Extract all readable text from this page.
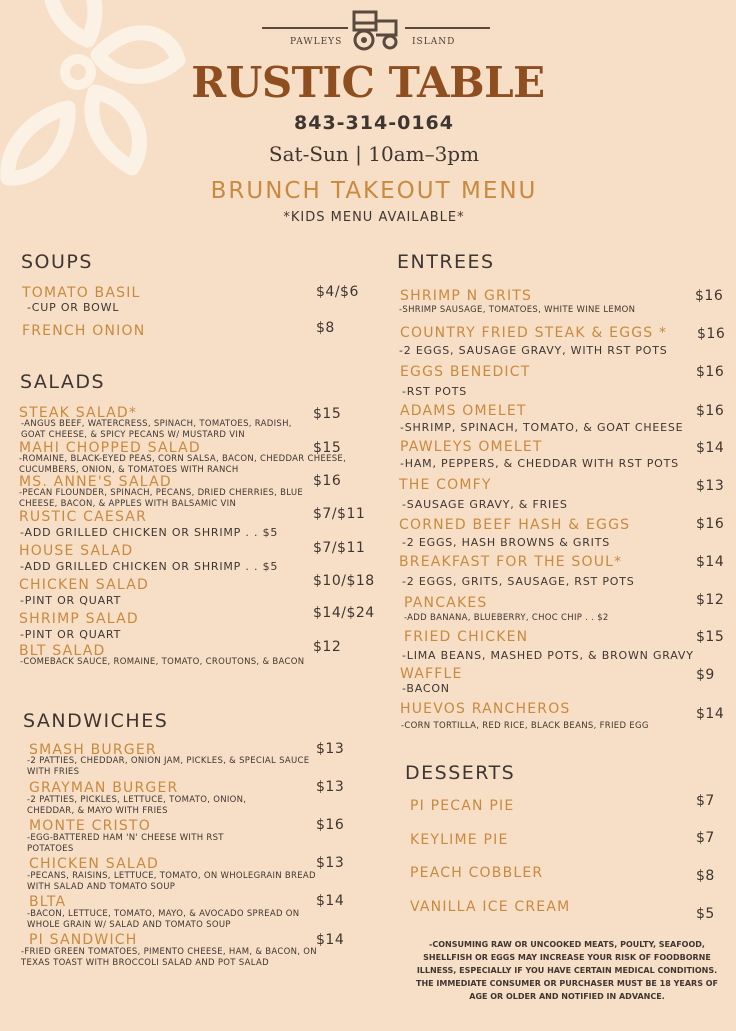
PAWLEYS	ISLAND
RUSTIC TABLE
843-314-0164
Sat-Sun | 10am–3pm
BRUNCH TAKEOUT MENU
*KIDS MENU AVAILABLE*
SOUPS
TOMATO BASIL	$4/$6
-CUP OR BOWL
FRENCH ONION	$8
SALADS
STEAK SALAD*	$15
-ANGUS BEEF, WATERCRESS, SPINACH, TOMATOES, RADISH, GOAT CHEESE, & SPICY PECANS W/ MUSTARD VIN
MAHI CHOPPED SALAD	$15
-ROMAINE, BLACK-EYED PEAS, CORN SALSA, BACON, CHEDDAR CHEESE, CUCUMBERS, ONION, & TOMATOES WITH RANCH
MS. ANNE'S SALAD	$16
-PECAN FLOUNDER, SPINACH, PECANS, DRIED CHERRIES, BLUE CHEESE, BACON, & APPLES WITH BALSAMIC VIN
RUSTIC CAESAR	$7/$11
-ADD GRILLED CHICKEN OR SHRIMP . . $5
HOUSE SALAD	$7/$11
-ADD GRILLED CHICKEN OR SHRIMP . . $5
CHICKEN SALAD	$10/$18
-PINT OR QUART
SHRIMP SALAD	$14/$24
-PINT OR QUART
BLT SALAD	$12
-COMEBACK SAUCE, ROMAINE, TOMATO, CROUTONS, & BACON
SANDWICHES
SMASH BURGER	$13
-2 PATTIES, CHEDDAR, ONION JAM, PICKLES, & SPECIAL SAUCE WITH FRIES
GRAYMAN BURGER	$13
-2 PATTIES, PICKLES, LETTUCE, TOMATO, ONION, CHEDDAR, & MAYO WITH FRIES
MONTE CRISTO	$16
-EGG-BATTERED HAM 'N' CHEESE WITH RST POTATOES
CHICKEN SALAD	$13
-PECANS, RAISINS, LETTUCE, TOMATO, ON WHOLEGRAIN BREAD WITH SALAD AND TOMATO SOUP
BLTA	$14
-BACON, LETTUCE, TOMATO, MAYO, & AVOCADO SPREAD ON WHOLE GRAIN W/ SALAD AND TOMATO SOUP
PI SANDWICH	$14
-FRIED GREEN TOMATOES, PIMENTO CHEESE, HAM, & BACON, ON TEXAS TOAST WITH BROCCOLI SALAD AND POT SALAD
ENTREES
SHRIMP N GRITS	$16
-SHRIMP SAUSAGE, TOMATOES, WHITE WINE LEMON
COUNTRY FRIED STEAK & EGGS * $16
-2 EGGS, SAUSAGE GRAVY, WITH RST POTS
EGGS BENEDICT	$16
-RST POTS
ADAMS OMELET	$16
-SHRIMP, SPINACH, TOMATO, & GOAT CHEESE
PAWLEYS OMELET	$14
-HAM, PEPPERS, & CHEDDAR WITH RST POTS
THE COMFY	$13
-SAUSAGE GRAVY, & FRIES
CORNED BEEF HASH & EGGS	$16
-2 EGGS, HASH BROWNS & GRITS
BREAKFAST FOR THE SOUL*	$14
-2 EGGS, GRITS, SAUSAGE, RST POTS
PANCAKES	$12
-ADD BANANA, BLUEBERRY, CHOC CHIP . . $2
FRIED CHICKEN	$15
-LIMA BEANS, MASHED POTS, & BROWN GRAVY
WAFFLE	$9
-BACON
HUEVOS RANCHEROS	$14
-CORN TORTILLA, RED RICE, BLACK BEANS, FRIED EGG
DESSERTS
PI PECAN PIE	$7
KEYLIME PIE	$7
PEACH COBBLER	$8
VANILLA ICE CREAM	$5
-CONSUMING RAW OR UNCOOKED MEATS, POULTY, SEAFOOD, SHELLFISH OR EGGS MAY INCREASE YOUR RISK OF FOODBORNE ILLNESS, ESPECIALLY IF YOU HAVE CERTAIN MEDICAL CONDITIONS. THE IMMEDIATE CONSUMER OR PURCHASER MUST BE 18 YEARS OF AGE OR OLDER AND NOTIFIED IN ADVANCE.
